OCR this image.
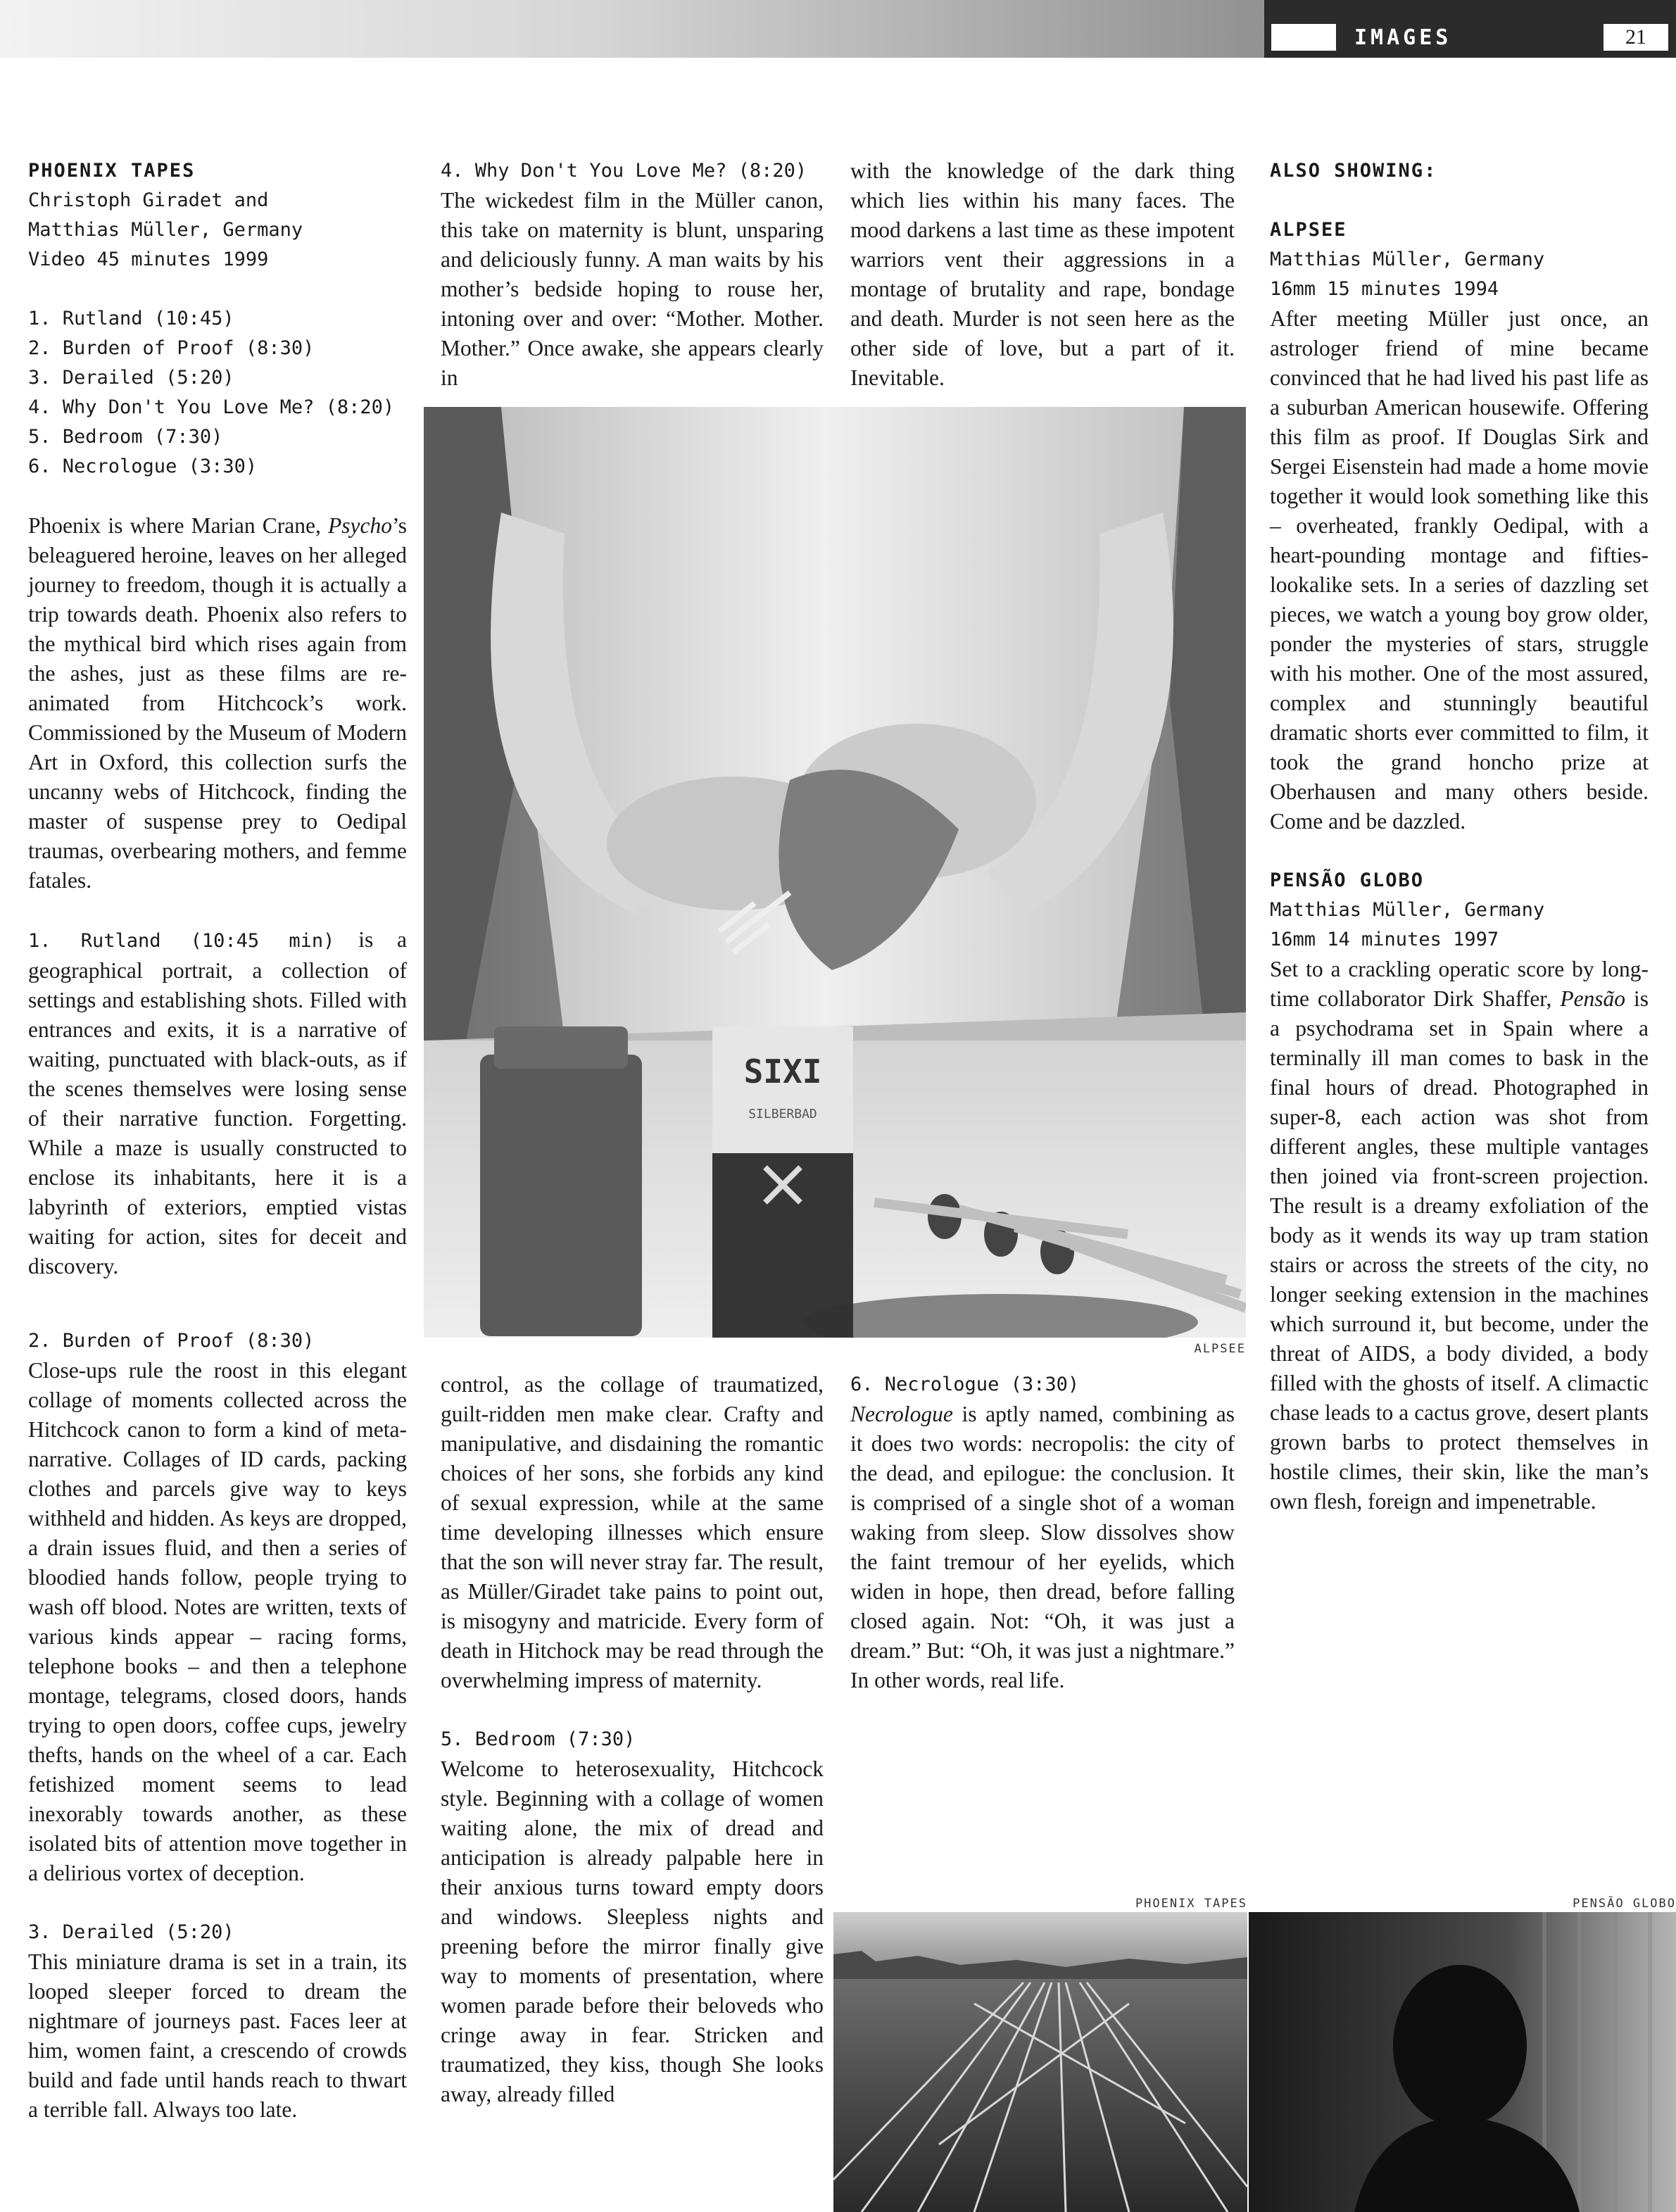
IMAGES	21
PHOENIX TAPES
Christoph Giradet and
Matthias Müller, Germany
Video 45 minutes 1999
1. Rutland (10:45)
2. Burden of Proof (8:30)
3. Derailed (5:20)
4. Why Don't You Love Me? (8:20)
5. Bedroom (7:30)
6. Necrologue (3:30)

Phoenix is where Marian Crane, Psycho’s beleaguered heroine, leaves on her alleged journey to freedom, though it is actually a trip towards death. Phoenix also refers to the mythical bird which rises again from the ashes, just as these films are re-animated from Hitchcock’s work. Commissioned by the Museum of Modern Art in Oxford, this collection surfs the uncanny webs of Hitchcock, finding the master of suspense prey to Oedipal traumas, overbearing mothers, and femme fatales.

1. Rutland (10:45 min) is a geographical portrait, a collection of settings and establishing shots. Filled with entrances and exits, it is a narrative of waiting, punctuated with black-outs, as if the scenes themselves were losing sense of their narrative function. Forgetting. While a maze is usually constructed to enclose its inhabitants, here it is a labyrinth of exteriors, emptied vistas waiting for action, sites for deceit and discovery.

2. Burden of Proof (8:30)

Close-ups rule the roost in this elegant collage of moments collected across the Hitchcock canon to form a kind of meta-narrative. Collages of ID cards, packing clothes and parcels give way to keys withheld and hidden. As keys are dropped, a drain issues fluid, and then a series of bloodied hands follow, people trying to wash off blood. Notes are written, texts of various kinds appear – racing forms, telephone books – and then a telephone montage, telegrams, closed doors, hands trying to open doors, coffee cups, jewelry thefts, hands on the wheel of a car. Each fetishized moment seems to lead inexorably towards another, as these isolated bits of attention move together in a delirious vortex of deception.

3. Derailed (5:20)

This miniature drama is set in a train, its looped sleeper forced to dream the nightmare of journeys past. Faces leer at him, women faint, a crescendo of crowds build and fade until hands reach to thwart a terrible fall. Always too late.

4. Why Don't You Love Me? (8:20)

The wickedest film in the Müller canon, this take on maternity is blunt, unsparing and deliciously funny. A man waits by his mother’s bedside hoping to rouse her, intoning over and over: “Mother. Mother. Mother.” Once awake, she appears clearly in

with the knowledge of the dark thing which lies within his many faces. The mood darkens a last time as these impotent warriors vent their aggressions in a montage of brutality and rape, bondage and death. Murder is not seen here as the other side of love, but a part of it. Inevitable.

SIXI
SILBERBAD
ALPSEE

control, as the collage of traumatized, guilt-ridden men make clear. Crafty and manipulative, and disdaining the romantic choices of her sons, she forbids any kind of sexual expression, while at the same time developing illnesses which ensure that the son will never stray far. The result, as Müller/Giradet take pains to point out, is misogyny and matricide. Every form of death in Hitchock may be read through the overwhelming impress of maternity.

5. Bedroom (7:30)

Welcome to heterosexuality, Hitchcock style. Beginning with a collage of women waiting alone, the mix of dread and anticipation is already palpable here in their anxious turns toward empty doors and windows. Sleepless nights and preening before the mirror finally give way to moments of presentation, where women parade before their beloveds who cringe away in fear. Stricken and traumatized, they kiss, though She looks away, already filled

6. Necrologue (3:30)

Necrologue is aptly named, combining as it does two words: necropolis: the city of the dead, and epilogue: the conclusion. It is comprised of a single shot of a woman waking from sleep. Slow dissolves show the faint tremour of her eyelids, which widen in hope, then dread, before falling closed again. Not: “Oh, it was just a dream.” But: “Oh, it was just a nightmare.” In other words, real life.

ALSO SHOWING:
ALPSEE
Matthias Müller, Germany
16mm 15 minutes 1994

After meeting Müller just once, an astrologer friend of mine became convinced that he had lived his past life as a suburban American housewife. Offering this film as proof. If Douglas Sirk and Sergei Eisenstein had made a home movie together it would look something like this – overheated, frankly Oedipal, with a heart-pounding montage and fifties-lookalike sets. In a series of dazzling set pieces, we watch a young boy grow older, ponder the mysteries of stars, struggle with his mother. One of the most assured, complex and stunningly beautiful dramatic shorts ever committed to film, it took the grand honcho prize at Oberhausen and many others beside. Come and be dazzled.

PENSÃO GLOBO
Matthias Müller, Germany
16mm 14 minutes 1997

Set to a crackling operatic score by long-time collaborator Dirk Shaffer, Pensão is a psychodrama set in Spain where a terminally ill man comes to bask in the final hours of dread. Photographed in super-8, each action was shot from different angles, these multiple vantages then joined via front-screen projection. The result is a dreamy exfoliation of the body as it wends its way up tram station stairs or across the streets of the city, no longer seeking extension in the machines which surround it, but become, under the threat of AIDS, a body divided, a body filled with the ghosts of itself. A climactic chase leads to a cactus grove, desert plants grown barbs to protect themselves in hostile climes, their skin, like the man’s own flesh, foreign and impenetrable.

PHOENIX TAPES	PENSÃO GLOBO
